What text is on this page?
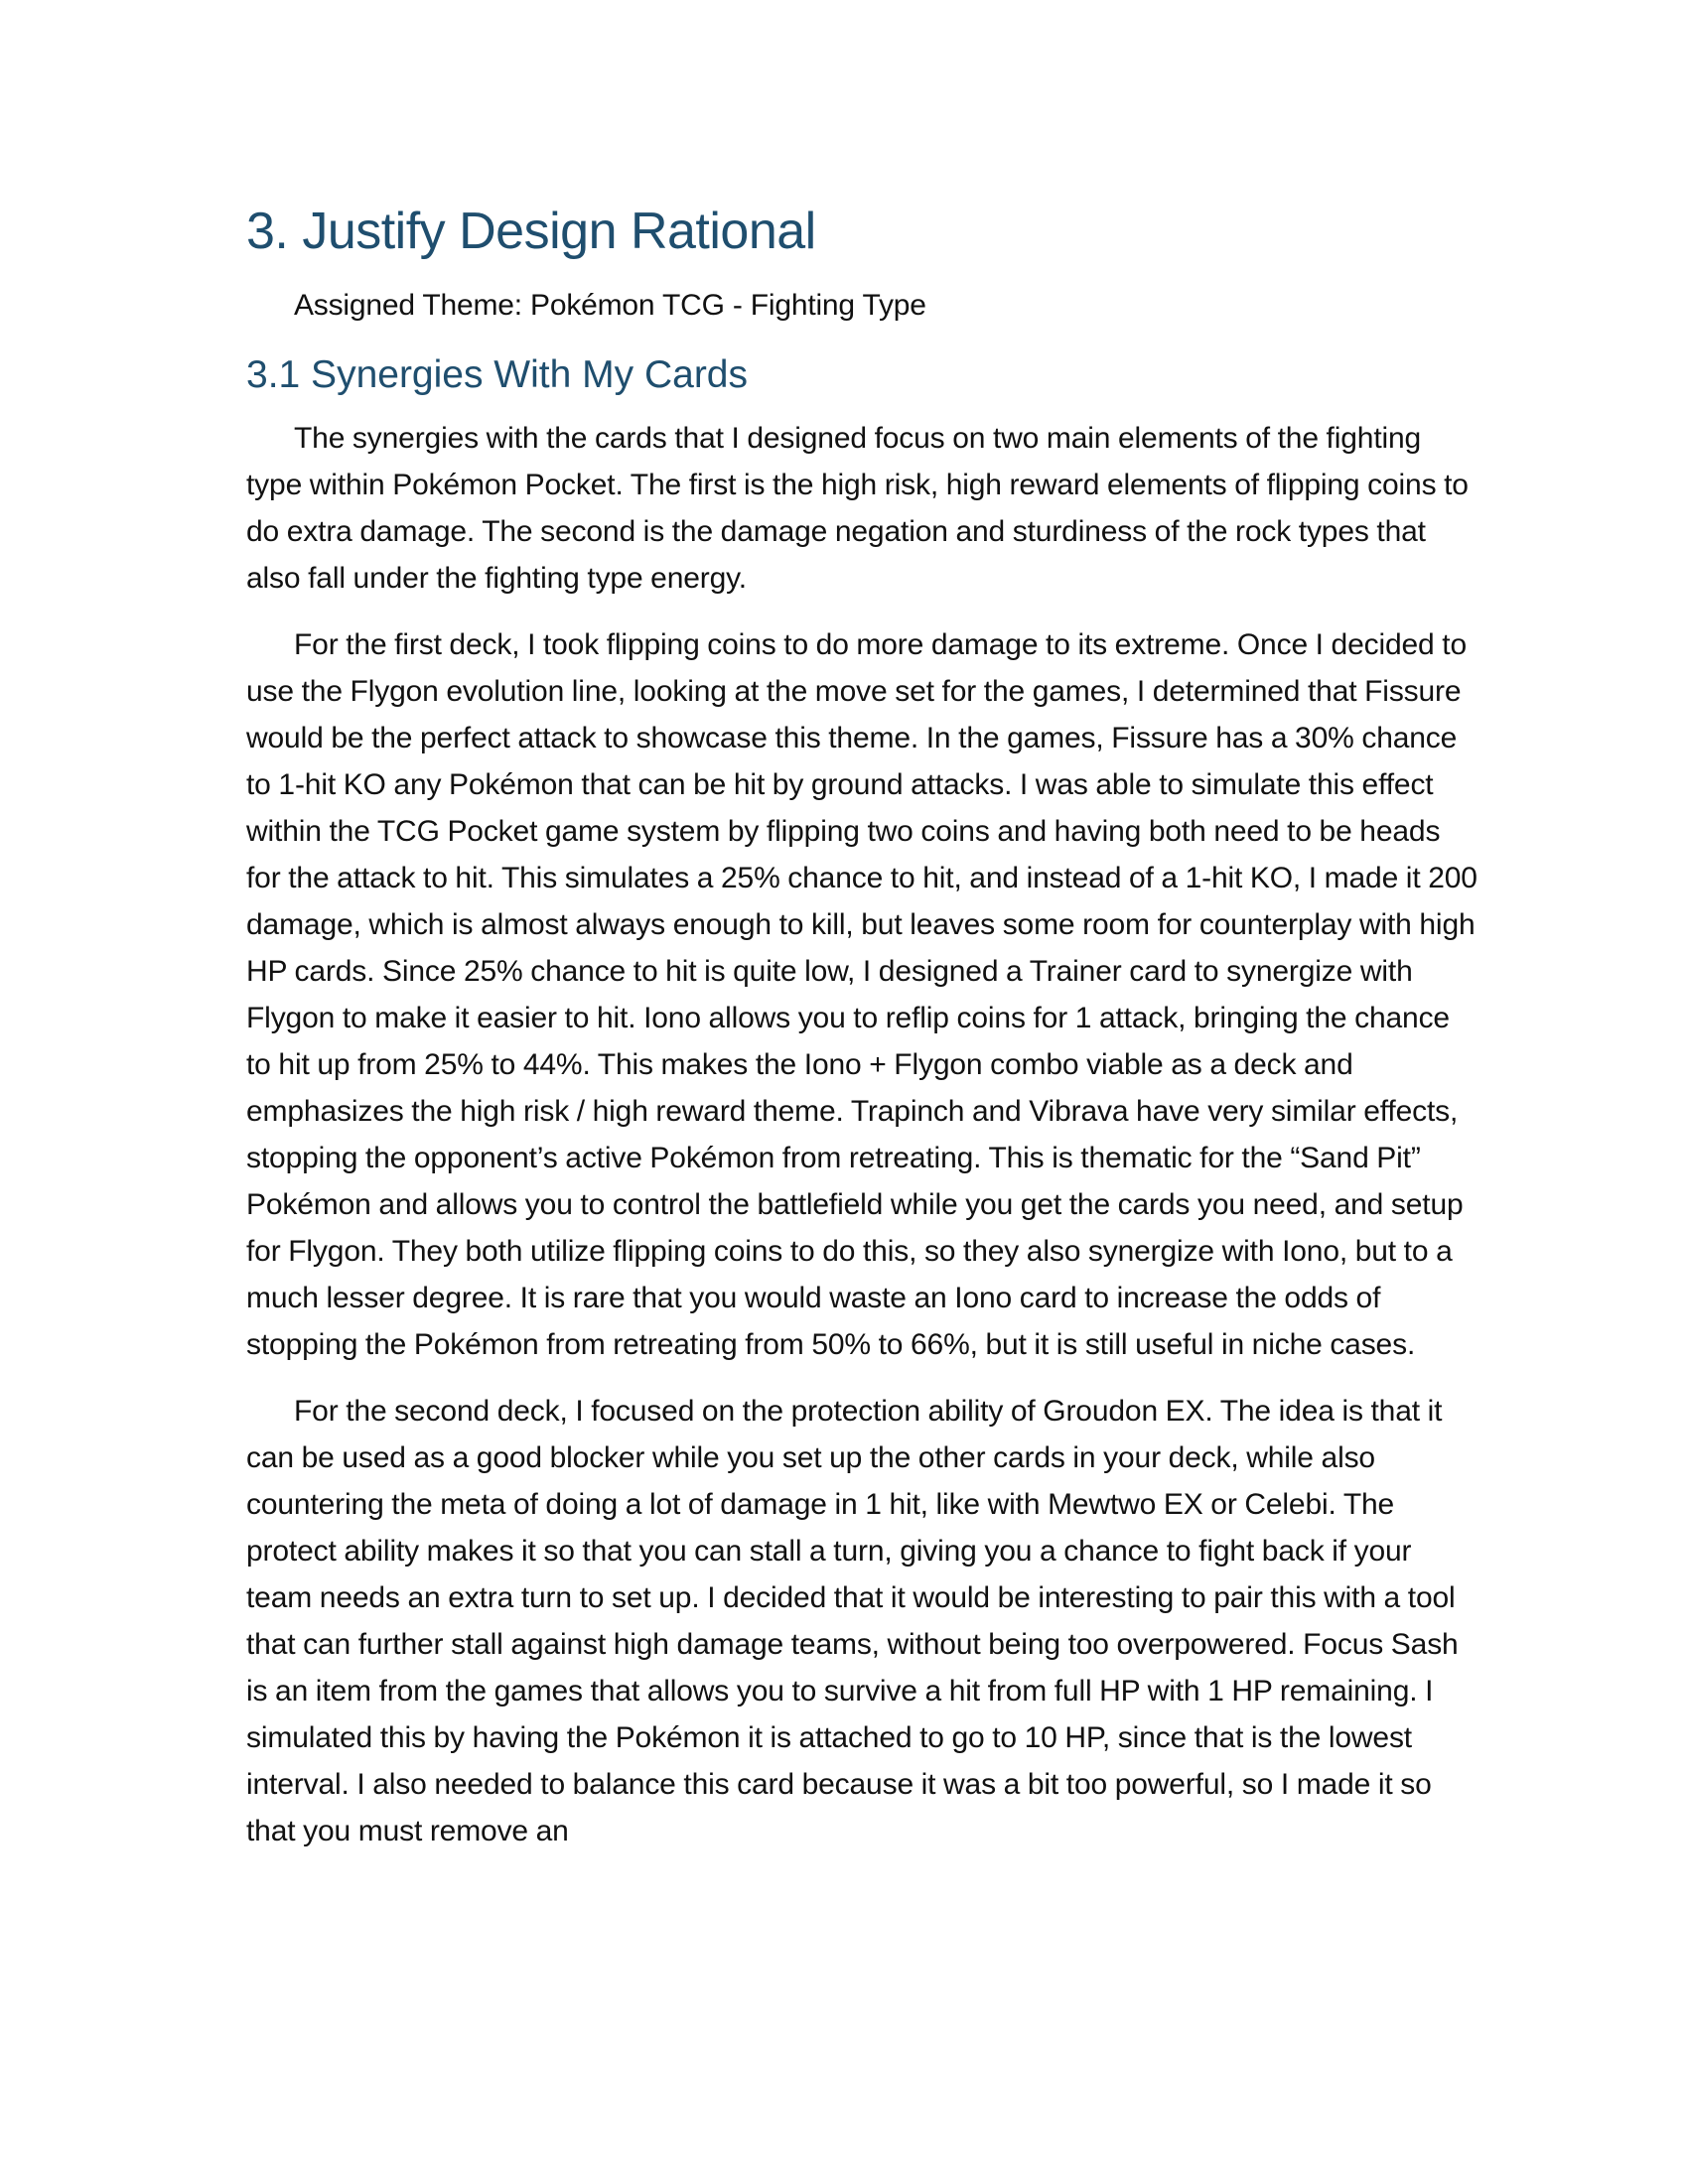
3. Justify Design Rational
Assigned Theme: Pokémon TCG - Fighting Type
3.1 Synergies With My Cards

The synergies with the cards that I designed focus on two main elements of the fighting type within Pokémon Pocket. The first is the high risk, high reward elements of flipping coins to do extra damage. The second is the damage negation and sturdiness of the rock types that also fall under the fighting type energy.

For the first deck, I took flipping coins to do more damage to its extreme. Once I decided to use the Flygon evolution line, looking at the move set for the games, I determined that Fissure would be the perfect attack to showcase this theme. In the games, Fissure has a 30% chance to 1-hit KO any Pokémon that can be hit by ground attacks. I was able to simulate this effect within the TCG Pocket game system by flipping two coins and having both need to be heads for the attack to hit. This simulates a 25% chance to hit, and instead of a 1-hit KO, I made it 200 damage, which is almost always enough to kill, but leaves some room for counterplay with high HP cards. Since 25% chance to hit is quite low, I designed a Trainer card to synergize with Flygon to make it easier to hit. Iono allows you to reflip coins for 1 attack, bringing the chance to hit up from 25% to 44%. This makes the Iono + Flygon combo viable as a deck and emphasizes the high risk / high reward theme. Trapinch and Vibrava have very similar effects, stopping the opponent’s active Pokémon from retreating. This is thematic for the “Sand Pit” Pokémon and allows you to control the battlefield while you get the cards you need, and setup for Flygon. They both utilize flipping coins to do this, so they also synergize with Iono, but to a much lesser degree. It is rare that you would waste an Iono card to increase the odds of stopping the Pokémon from retreating from 50% to 66%, but it is still useful in niche cases.

For the second deck, I focused on the protection ability of Groudon EX. The idea is that it can be used as a good blocker while you set up the other cards in your deck, while also countering the meta of doing a lot of damage in 1 hit, like with Mewtwo EX or Celebi. The protect ability makes it so that you can stall a turn, giving you a chance to fight back if your team needs an extra turn to set up. I decided that it would be interesting to pair this with a tool that can further stall against high damage teams, without being too overpowered. Focus Sash is an item from the games that allows you to survive a hit from full HP with 1 HP remaining. I simulated this by having the Pokémon it is attached to go to 10 HP, since that is the lowest interval. I also needed to balance this card because it was a bit too powerful, so I made it so that you must remove an
